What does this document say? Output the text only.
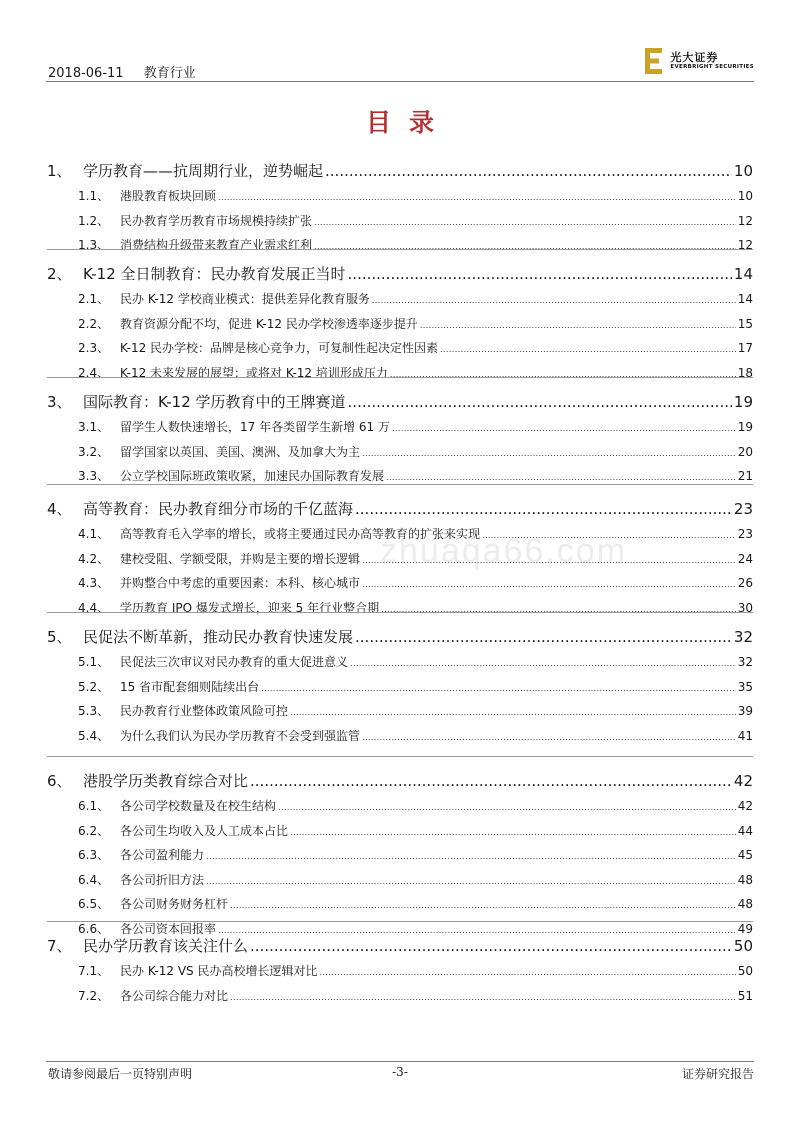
2018-06-11 教育行业
光大证券
EVERBRIGHT SECURITIES
目录
1、 学历教育——抗周期行业，逆势崛起 .....	10
1.1、 港股教育板块回顾 .....	10
1.2、 民办教育学历教育市场规模持续扩张 .....	12
1.3、 消费结构升级带来教育产业需求红利 .....	12
2、 K-12 全日制教育：民办教育发展正当时 .....	14
2.1、 民办 K-12 学校商业模式：提供差异化教育服务 .....	14
2.2、 教育资源分配不均，促进 K-12 民办学校渗透率逐步提升 .....	15
2.3、 K-12 民办学校：品牌是核心竞争力，可复制性起决定性因素 .....	17
2.4、 K-12 未来发展的展望：或将对 K-12 培训形成压力 .....	18
3、 国际教育：K-12 学历教育中的王牌赛道 .....	19
3.1、 留学生人数快速增长，17 年各类留学生新增 61 万 .....	19
3.2、 留学国家以英国、美国、澳洲、及加拿大为主 .....	20
3.3、 公立学校国际班政策收紧，加速民办国际教育发展 .....	21
4、 高等教育：民办教育细分市场的千亿蓝海 .....	23
4.1、 高等教育毛入学率的增长，或将主要通过民办高等教育的扩张来实现 .....	23
4.2、 建校受阻、学额受限，并购是主要的增长逻辑 .....	24
4.3、 并购整合中考虑的重要因素：本科、核心城市 .....	26
4.4、 学历教育 IPO 爆发式增长，迎来 5 年行业整合期 .....	30
5、 民促法不断革新，推动民办教育快速发展 .....	32
5.1、 民促法三次审议对民办教育的重大促进意义 .....	32
5.2、 15 省市配套细则陆续出台 .....	35
5.3、 民办教育行业整体政策风险可控 .....	39
5.4、 为什么我们认为民办学历教育不会受到强监管 .....	41
6、 港股学历类教育综合对比 .....	42
6.1、 各公司学校数量及在校生结构 .....	42
6.2、 各公司生均收入及人工成本占比 .....	44
6.3、 各公司盈利能力 .....	45
6.4、 各公司折旧方法 .....	48
6.5、 各公司财务财务杠杆 .....	48
6.6、 各公司资本回报率 .....	49
7、 民办学历教育该关注什么 .....	50
7.1、 民办 K-12 VS 民办高校增长逻辑对比 .....	50
7.2、 各公司综合能力对比 .....	51
敬请参阅最后一页特别声明	-3-	证券研究报告
zhuaqa66.com
